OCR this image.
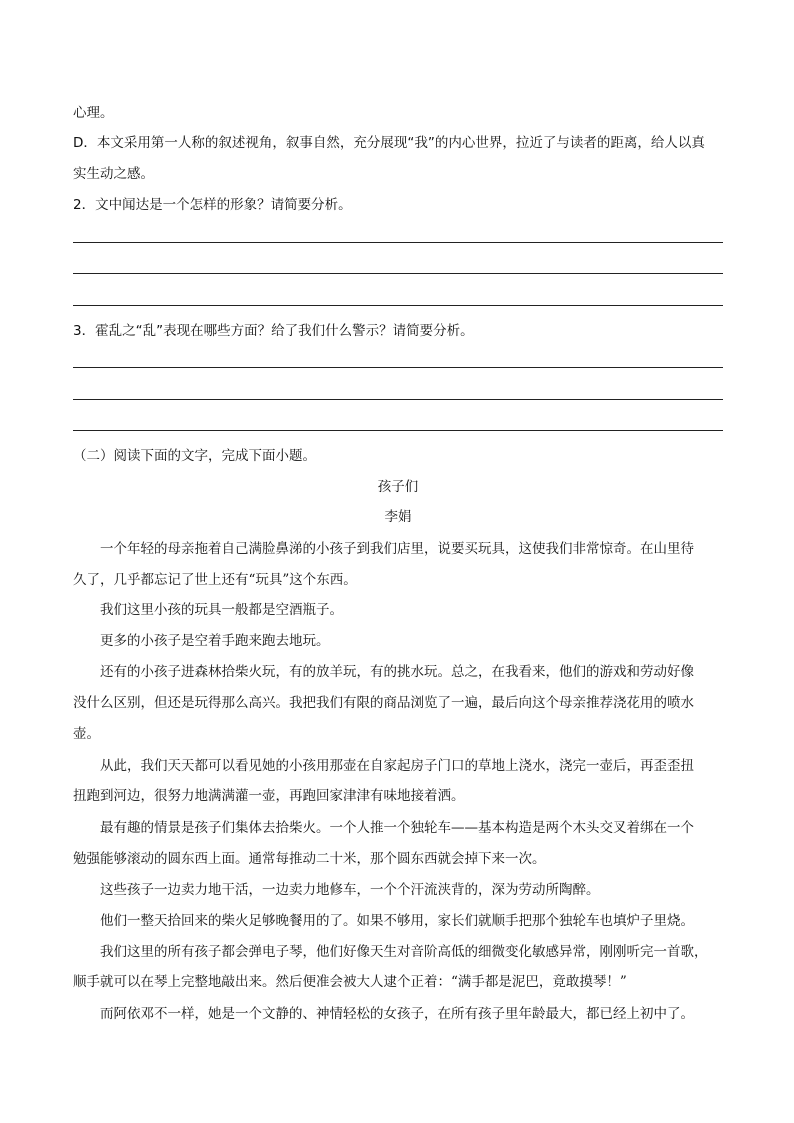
心理。
D．本文采用第一人称的叙述视角，叙事自然，充分展现“我”的内心世界，拉近了与读者的距离，给人以真
实生动之感。
2．文中闻达是一个怎样的形象？请简要分析。
3．霍乱之“乱”表现在哪些方面？给了我们什么警示？请简要分析。
（二）阅读下面的文字，完成下面小题。
孩子们
李娟
一个年轻的母亲拖着自己满脸鼻涕的小孩子到我们店里，说要买玩具，这使我们非常惊奇。在山里待
久了，几乎都忘记了世上还有“玩具”这个东西。
我们这里小孩的玩具一般都是空酒瓶子。
更多的小孩子是空着手跑来跑去地玩。
还有的小孩子进森林拾柴火玩，有的放羊玩，有的挑水玩。总之，在我看来，他们的游戏和劳动好像
没什么区别，但还是玩得那么高兴。我把我们有限的商品浏览了一遍，最后向这个母亲推荐浇花用的喷水
壶。
从此，我们天天都可以看见她的小孩用那壶在自家起房子门口的草地上浇水，浇完一壶后，再歪歪扭
扭跑到河边，很努力地满满灌一壶，再跑回家津津有味地接着洒。
最有趣的情景是孩子们集体去拾柴火。一个人推一个独轮车——基本构造是两个木头交叉着绑在一个
勉强能够滚动的圆东西上面。通常每推动二十米，那个圆东西就会掉下来一次。
这些孩子一边卖力地干活，一边卖力地修车，一个个汗流浃背的，深为劳动所陶醉。
他们一整天拾回来的柴火足够晚餐用的了。如果不够用，家长们就顺手把那个独轮车也填炉子里烧。
我们这里的所有孩子都会弹电子琴，他们好像天生对音阶高低的细微变化敏感异常，刚刚听完一首歌，
顺手就可以在琴上完整地敲出来。然后便准会被大人逮个正着：“满手都是泥巴，竟敢摸琴！”
而阿依邓不一样，她是一个文静的、神情轻松的女孩子，在所有孩子里年龄最大，都已经上初中了。
